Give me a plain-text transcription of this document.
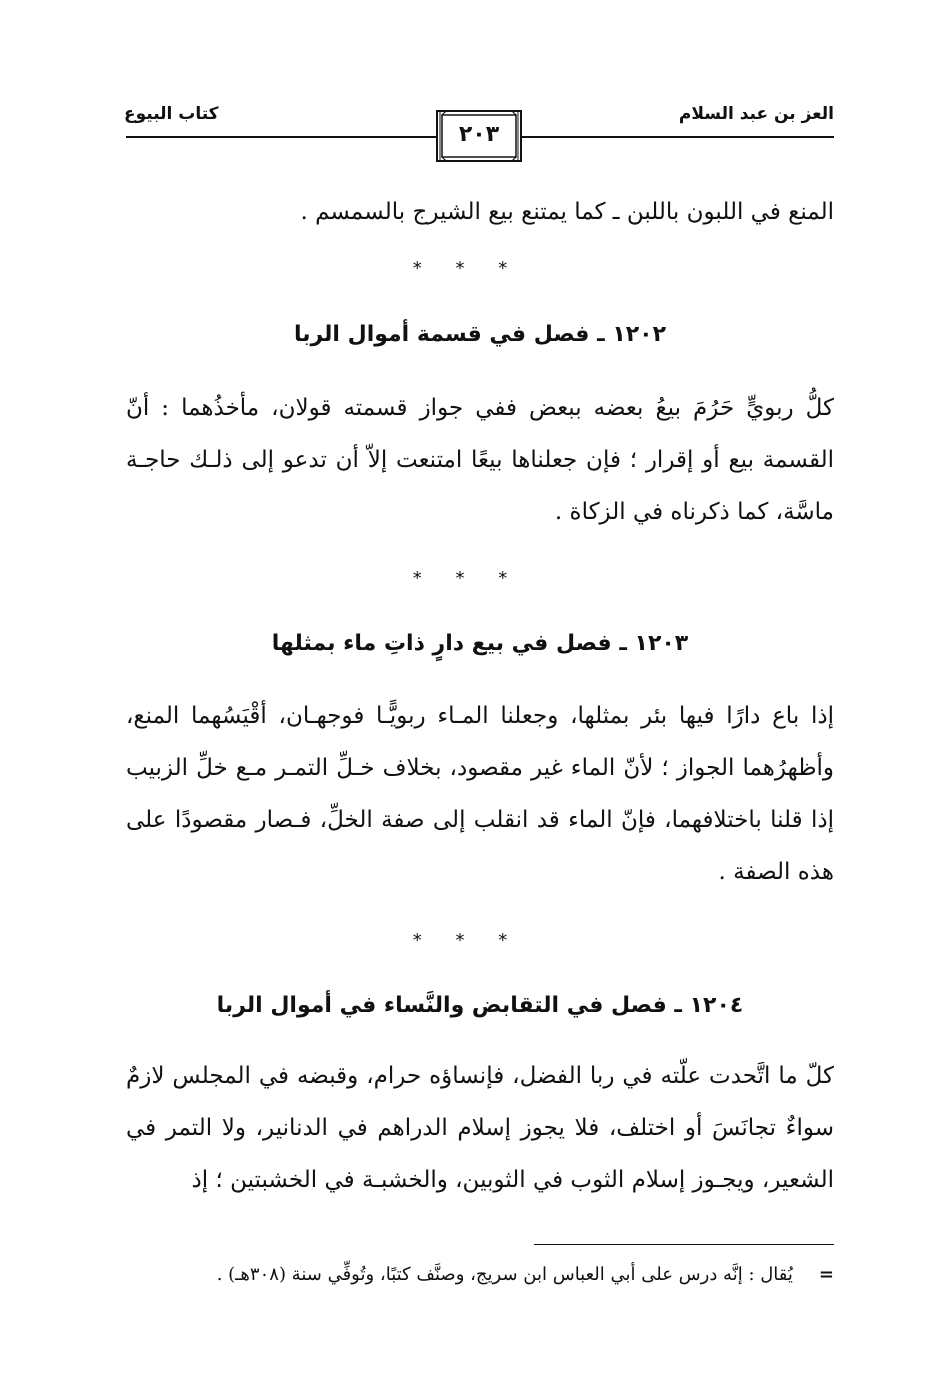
العز بن عبد السلام
كتاب البيوع
٢٠٣

المنع في اللبون باللبن ـ كما يمتنع بيع الشيرج بالسمسم .

* * *
١٢٠٢ ـ فصل في قسمة أموال الربا

كلُّ ربويٍّ حَرُمَ بيعُ بعضه ببعض ففي جواز قسمته قولان، مأخذُهما : أنّ القسمة بيع أو إقرار ؛ فإن جعلناها بيعًا امتنعت إلاّ أن تدعو إلى ذلـك حاجـة ماسَّة، كما ذكرناه في الزكاة .

* * *
١٢٠٣ ـ فصل في بيع دارٍ ذاتِ ماء بمثلها

إذا باع دارًا فيها بئر بمثلها، وجعلنا المـاء ربويًّـا فوجهـان، أقْيَسُهما المنع، وأظهرُهما الجواز ؛ لأنّ الماء غير مقصود، بخلاف خـلِّ التمـر مـع خلِّ الزبيب إذا قلنا باختلافهما، فإنّ الماء قد انقلب إلى صفة الخلِّ، فـصار مقصودًا على هذه الصفة .

* * *
١٢٠٤ ـ فصل في التقابض والنَّساء في أموال الربا

كلّ ما اتَّحدت علّته في ربا الفضل، فإنساؤه حرام، وقبضه في المجلس لازمٌ سواءٌ تجانَسَ أو اختلف، فلا يجوز إسلام الدراهم في الدنانير، ولا التمر في الشعير، ويجـوز إسلام الثوب في الثوبين، والخشبـة في الخشبتين ؛ إذ

=يُقال : إنَّه درس على أبي العباس ابن سريج، وصنَّف كتبًا، وتُوفِّي سنة (٣٠٨هـ) .
